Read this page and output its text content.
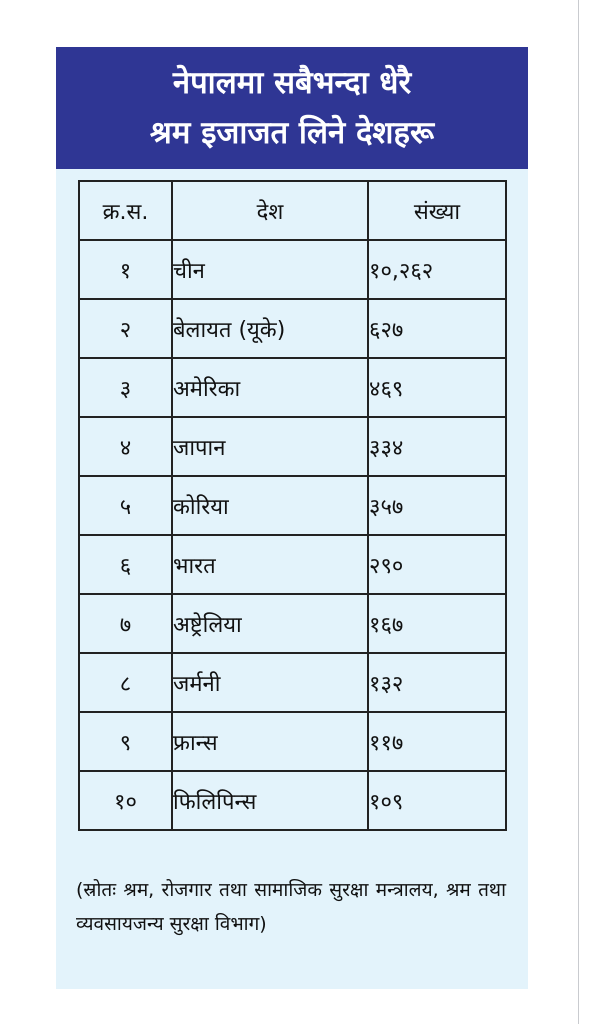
नेपालमा सबैभन्दा धेरै
श्रम इजाजत लिने देशहरू
क्र.स.	देश	संख्या
१	चीन	१०,२६२
२	बेलायत (यूके)	६२७
३	अमेरिका	४६९
४	जापान	३३४
५	कोरिया	३५७
६	भारत	२९०
७	अष्ट्रेलिया	१६७
८	जर्मनी	१३२
९	फ्रान्स	११७
१०	फिलिपिन्स	१०९
(स्रोतः श्रम, रोजगार तथा सामाजिक सुरक्षा मन्त्रालय, श्रम तथा व्यवसायजन्य सुरक्षा विभाग)
